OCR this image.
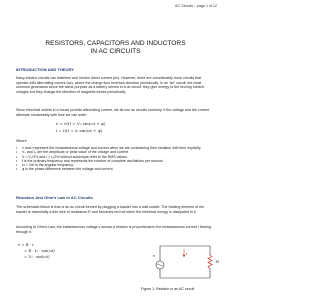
AC Circuits – page 1 of 12
RESISTORS, CAPACITORS AND INDUCTORS
IN AC CIRCUITS
INTRODUCTION AND THEORY
Many electric circuits use batteries and involve direct current (dc). However, there are considerably more circuits that operate with alternating current (ac), where the charge flow reverses direction periodically. In an “ac” circuit, the most common generators serve the same purpose as a battery serves in a dc circuit; they give energy to the moving electric charges but they change the direction of magnetic forces periodically.
Since electrical outlets in a house provide alternating current, we all use ac circuits routinely. If the voltage and the current alternate sinusoidally with time we can write:
v = v(t) = V₀ sin(ωt + φ)
i = i(t) = I₀ sin(ωt + φ)
Where
• v and i represent the instantaneous voltage and current when we are considering their variation with time explicitly
• V₀ and I₀ are the amplitude or peak value of the voltage and current
• V = V₀/2½ and I = I₀/2½ without subscripts refer to the RMS values.
• f is the ordinary frequency and represents the number of complete oscillations per second
• ω = 2πf is the angular frequency.
• φ is the phase difference between the voltage and current.
Resistors And Ohm’s Law In AC Circuits
The schematic below is that of an ac circuit formed by plugging a toaster into a wall socket. The heating element of the toaster is essentially a thin wire of resistance R and becomes red hot when the electrical energy is dissipated in it.
According to Ohm’s Law, the instantaneous voltage v across a resistor is proportional to the instantaneous current i flowing through it.
v = R · i
= R · I₀ · sin(ωt)
= V₀ · sin(ωt)
R
i
v
Figure 1: Resistor in an AC circuit
